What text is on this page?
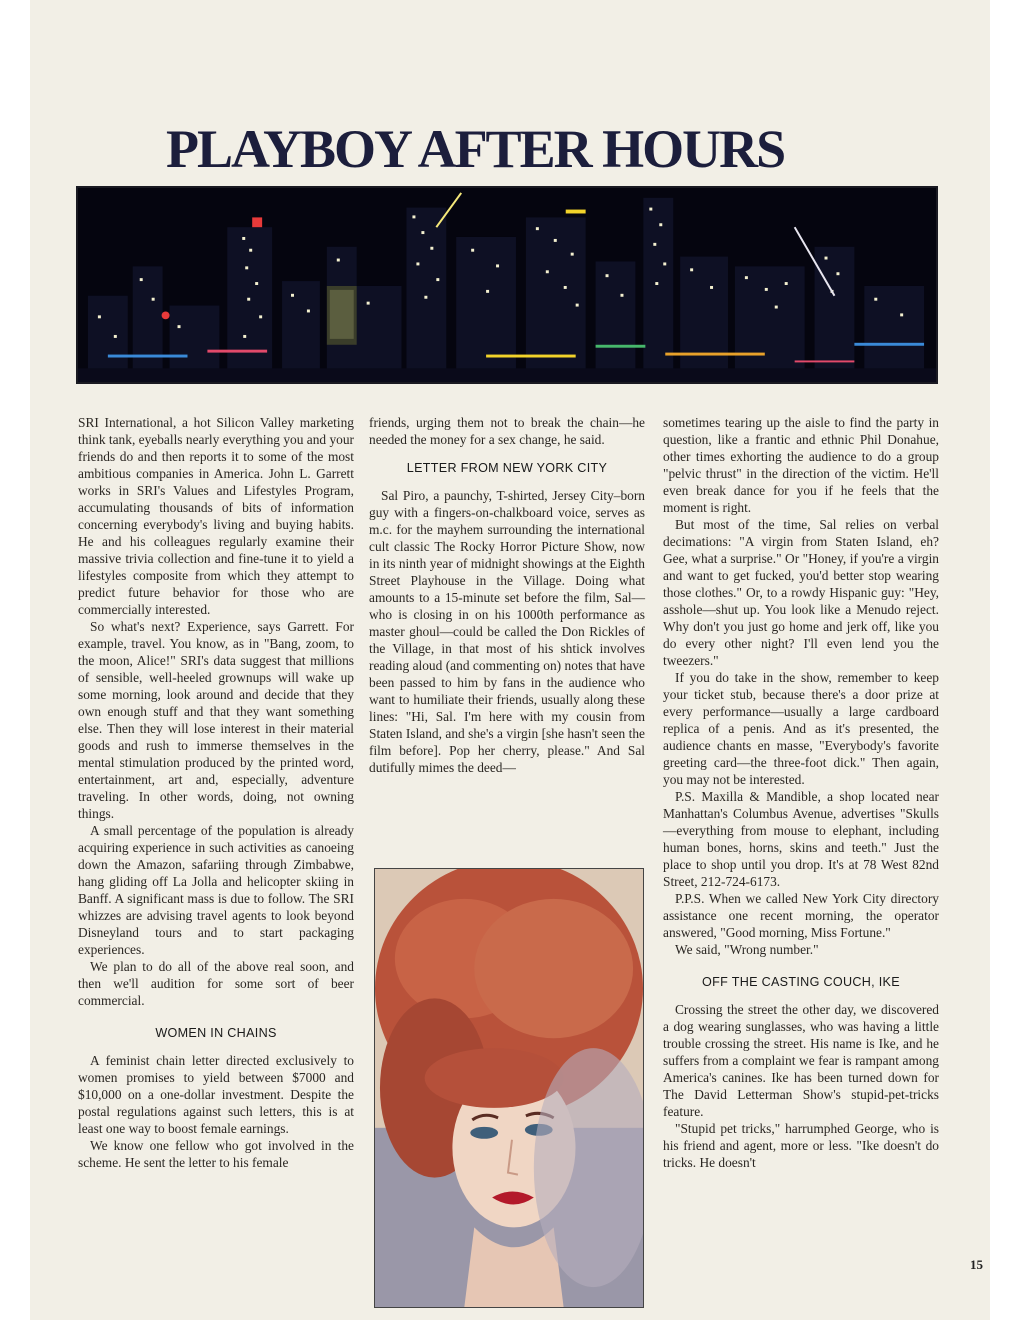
PLAYBOY AFTER HOURS

SRI International, a hot Silicon Valley marketing think tank, eyeballs nearly everything you and your friends do and then reports it to some of the most ambitious companies in America. John L. Garrett works in SRI's Values and Lifestyles Program, accumulating thousands of bits of information concerning everybody's living and buying habits. He and his colleagues regularly examine their massive trivia collection and fine-tune it to yield a lifestyles composite from which they attempt to predict future behavior for those who are commercially interested.

So what's next? Experience, says Garrett. For example, travel. You know, as in "Bang, zoom, to the moon, Alice!" SRI's data suggest that millions of sensible, well-heeled grownups will wake up some morning, look around and decide that they own enough stuff and that they want something else. Then they will lose interest in their material goods and rush to immerse themselves in the mental stimulation produced by the printed word, entertainment, art and, especially, adventure traveling. In other words, doing, not owning things.

A small percentage of the population is already acquiring experience in such activities as canoeing down the Amazon, safariing through Zimbabwe, hang gliding off La Jolla and helicopter skiing in Banff. A significant mass is due to follow. The SRI whizzes are advising travel agents to look beyond Disneyland tours and to start packaging experiences.

We plan to do all of the above real soon, and then we'll audition for some sort of beer commercial.

WOMEN IN CHAINS

A feminist chain letter directed exclusively to women promises to yield between $7000 and $10,000 on a one-dollar investment. Despite the postal regulations against such letters, this is at least one way to boost female earnings.

We know one fellow who got involved in the scheme. He sent the letter to his female

friends, urging them not to break the chain—he needed the money for a sex change, he said.

LETTER FROM NEW YORK CITY

Sal Piro, a paunchy, T-shirted, Jersey City–born guy with a fingers-on-chalkboard voice, serves as m.c. for the mayhem surrounding the international cult classic The Rocky Horror Picture Show, now in its ninth year of midnight showings at the Eighth Street Playhouse in the Village. Doing what amounts to a 15-minute set before the film, Sal—who is closing in on his 1000th performance as master ghoul—could be called the Don Rickles of the Village, in that most of his shtick involves reading aloud (and commenting on) notes that have been passed to him by fans in the audience who want to humiliate their friends, usually along these lines: "Hi, Sal. I'm here with my cousin from Staten Island, and she's a virgin [she hasn't seen the film before]. Pop her cherry, please." And Sal dutifully mimes the deed—

sometimes tearing up the aisle to find the party in question, like a frantic and ethnic Phil Donahue, other times exhorting the audience to do a group "pelvic thrust" in the direction of the victim. He'll even break dance for you if he feels that the moment is right.

But most of the time, Sal relies on verbal decimations: "A virgin from Staten Island, eh? Gee, what a surprise." Or "Honey, if you're a virgin and want to get fucked, you'd better stop wearing those clothes." Or, to a rowdy Hispanic guy: "Hey, asshole—shut up. You look like a Menudo reject. Why don't you just go home and jerk off, like you do every other night? I'll even lend you the tweezers."

If you do take in the show, remember to keep your ticket stub, because there's a door prize at every performance—usually a large cardboard replica of a penis. And as it's presented, the audience chants en masse, "Everybody's favorite greeting card—the three-foot dick." Then again, you may not be interested.

P.S. Maxilla & Mandible, a shop located near Manhattan's Columbus Avenue, advertises "Skulls—everything from mouse to elephant, including human bones, horns, skins and teeth." Just the place to shop until you drop. It's at 78 West 82nd Street, 212-724-6173.

P.P.S. When we called New York City directory assistance one recent morning, the operator answered, "Good morning, Miss Fortune."

We said, "Wrong number."

OFF THE CASTING COUCH, IKE

Crossing the street the other day, we discovered a dog wearing sunglasses, who was having a little trouble crossing the street. His name is Ike, and he suffers from a complaint we fear is rampant among America's canines. Ike has been turned down for The David Letterman Show's stupid-pet-tricks feature.

"Stupid pet tricks," harrumphed George, who is his friend and agent, more or less. "Ike doesn't do tricks. He doesn't

15
